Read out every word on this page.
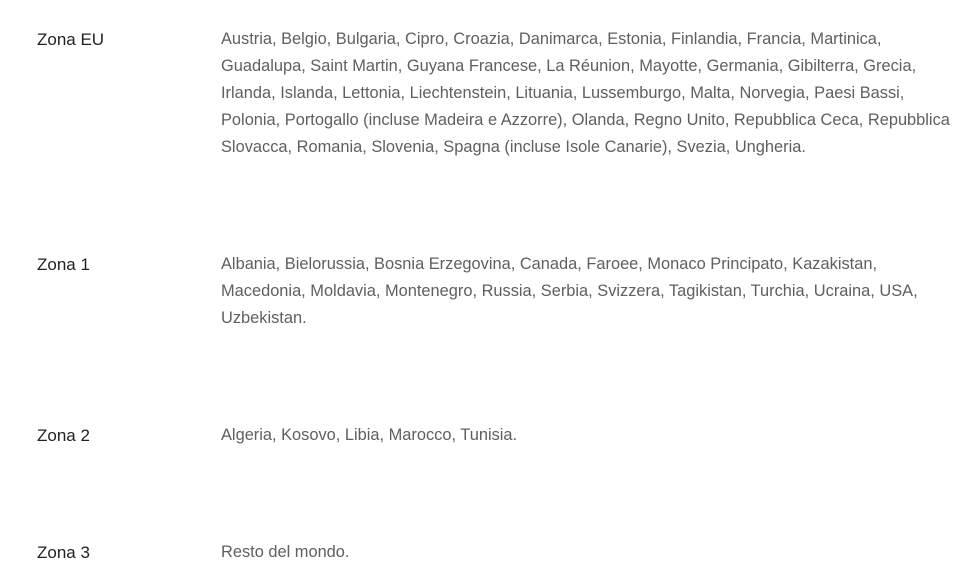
Zona EU	Austria, Belgio, Bulgaria, Cipro, Croazia, Danimarca, Estonia, Finlandia, Francia, Martinica, Guadalupa, Saint Martin, Guyana Francese, La Réunion, Mayotte, Germania, Gibilterra, Grecia, Irlanda, Islanda, Lettonia, Liechtenstein, Lituania, Lussemburgo, Malta, Norvegia, Paesi Bassi, Polonia, Portogallo (incluse Madeira e Azzorre), Olanda, Regno Unito, Repubblica Ceca, Repubblica Slovacca, Romania, Slovenia, Spagna (incluse Isole Canarie), Svezia, Ungheria.

Zona 1	Albania, Bielorussia, Bosnia Erzegovina, Canada, Faroee, Monaco Principato, Kazakistan, Macedonia, Moldavia, Montenegro, Russia, Serbia, Svizzera, Tagikistan, Turchia, Ucraina, USA, Uzbekistan.

Zona 2	Algeria, Kosovo, Libia, Marocco, Tunisia.

Zona 3	Resto del mondo.
